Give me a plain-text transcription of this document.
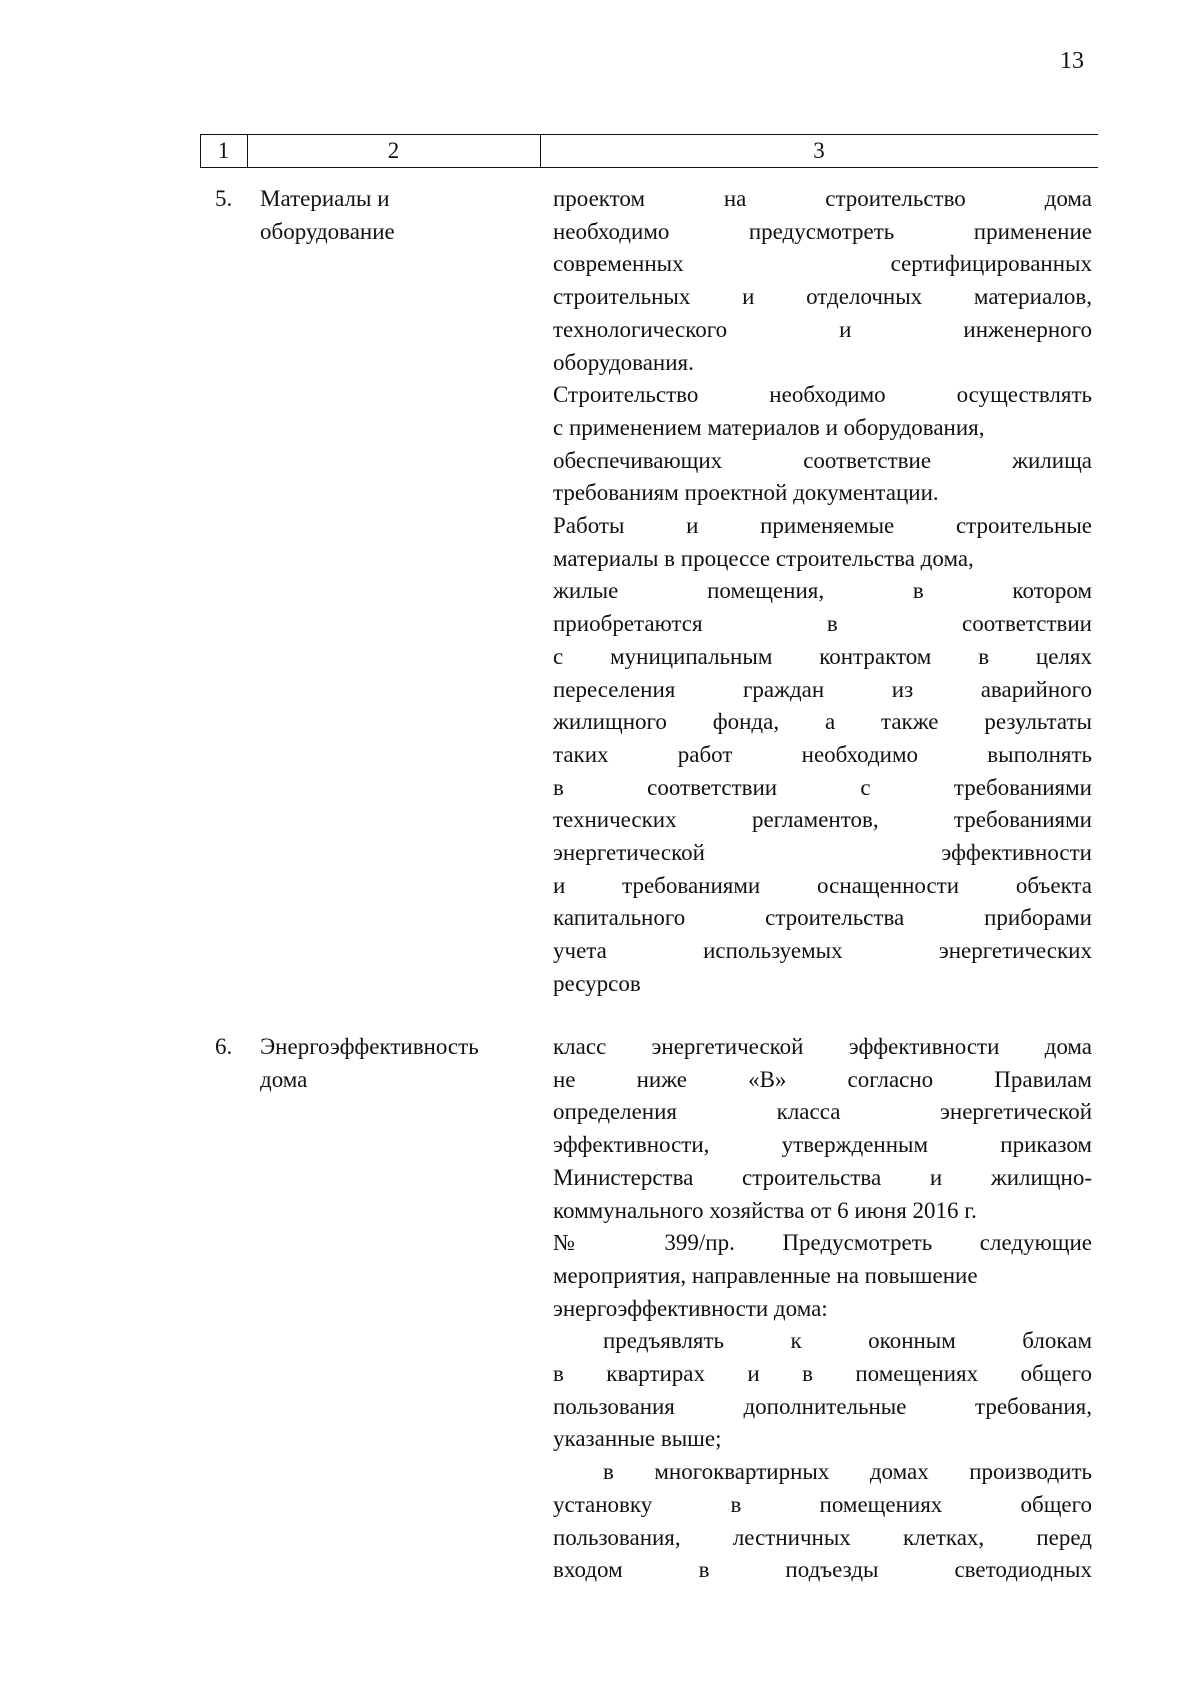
13
1	2	3
5. Материалы и
оборудование
проектом на строительство дома
необходимо предусмотреть применение
современных сертифицированных
строительных и отделочных материалов,
технологического и инженерного
оборудования.
Строительство необходимо осуществлять
с применением материалов и оборудования,
обеспечивающих соответствие жилища
требованиям проектной документации.
Работы и применяемые строительные
материалы в процессе строительства дома,
жилые помещения, в котором
приобретаются в соответствии
с муниципальным контрактом в целях
переселения граждан из аварийного
жилищного фонда, а также результаты
таких работ необходимо выполнять
в соответствии с требованиями
технических регламентов, требованиями
энергетической эффективности
и требованиями оснащенности объекта
капитального строительства приборами
учета используемых энергетических
ресурсов
6. Энергоэффективность
дома
класс энергетической эффективности дома
не ниже «В» согласно Правилам
определения класса энергетической
эффективности, утвержденным приказом
Министерства строительства и жилищно-
коммунального хозяйства от 6 июня 2016 г.
№ 399/пр. Предусмотреть следующие
мероприятия, направленные на повышение
энергоэффективности дома:
предъявлять к оконным блокам
в квартирах и в помещениях общего
пользования дополнительные требования,
указанные выше;
в многоквартирных домах производить
установку в помещениях общего
пользования, лестничных клетках, перед
входом в подъезды светодиодных
